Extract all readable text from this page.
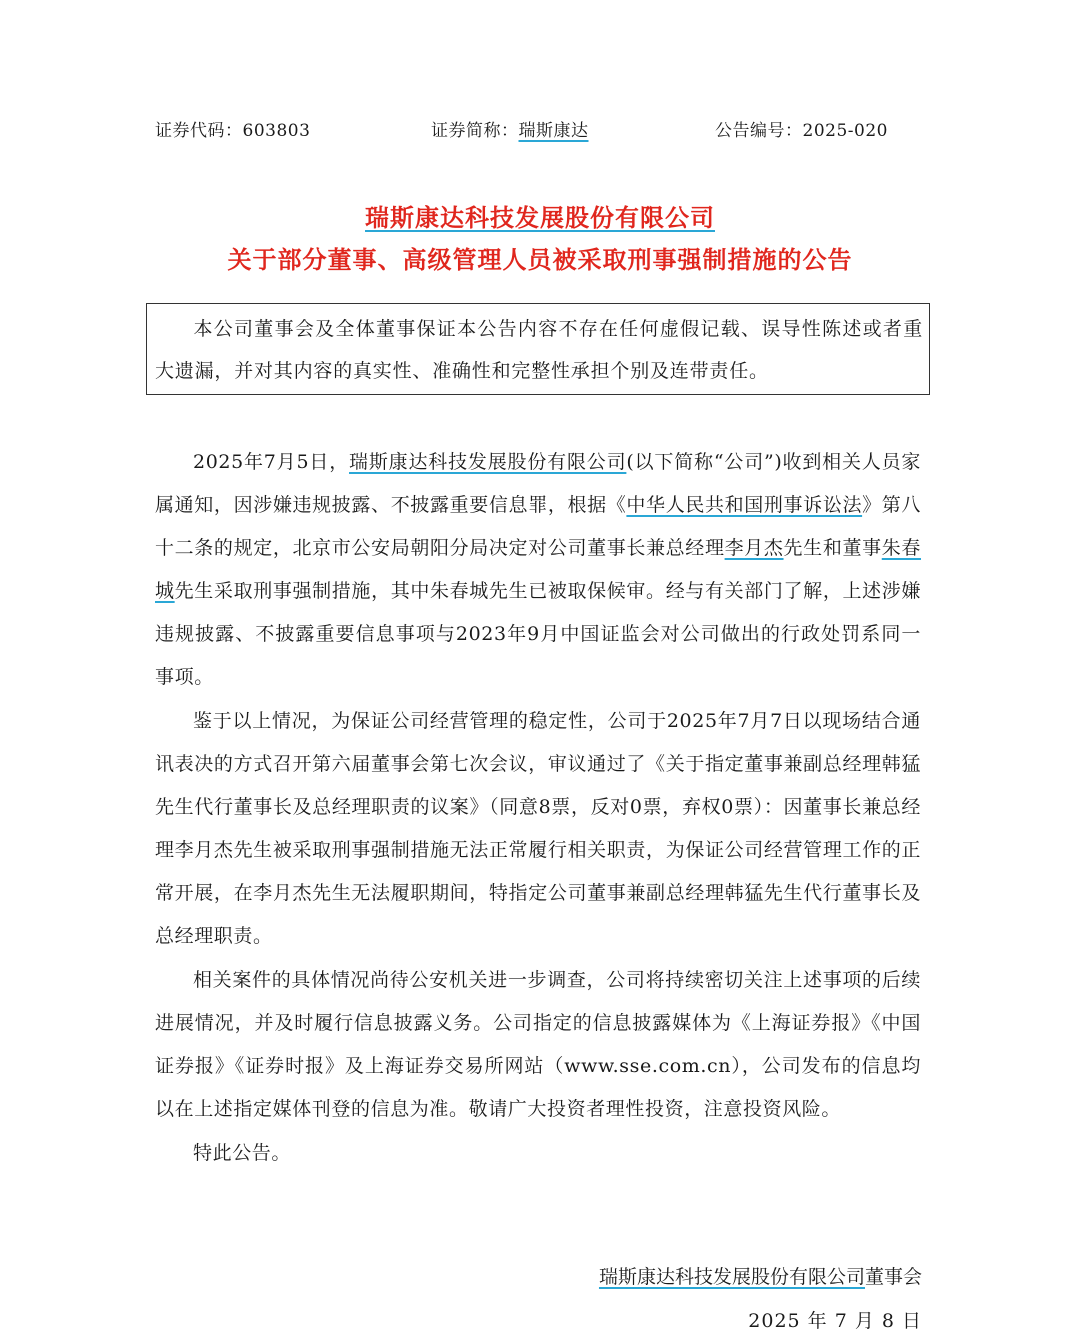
证券代码：603803	证券简称：瑞斯康达	公告编号：2025-020
瑞斯康达科技发展股份有限公司
关于部分董事、高级管理人员被采取刑事强制措施的公告
本公司董事会及全体董事保证本公告内容不存在任何虚假记载、误导性陈述或者重大遗漏，并对其内容的真实性、准确性和完整性承担个别及连带责任。

2025年7月5日，瑞斯康达科技发展股份有限公司(以下简称“公司”)收到相关人员家属通知，因涉嫌违规披露、不披露重要信息罪，根据《中华人民共和国刑事诉讼法》第八十二条的规定，北京市公安局朝阳分局决定对公司董事长兼总经理李月杰先生和董事朱春城先生采取刑事强制措施，其中朱春城先生已被取保候审。经与有关部门了解，上述涉嫌违规披露、不披露重要信息事项与2023年9月中国证监会对公司做出的行政处罚系同一事项。

鉴于以上情况，为保证公司经营管理的稳定性，公司于2025年7月7日以现场结合通讯表决的方式召开第六届董事会第七次会议，审议通过了《关于指定董事兼副总经理韩猛先生代行董事长及总经理职责的议案》（同意8票，反对0票，弃权0票）：因董事长兼总经理李月杰先生被采取刑事强制措施无法正常履行相关职责，为保证公司经营管理工作的正常开展，在李月杰先生无法履职期间，特指定公司董事兼副总经理韩猛先生代行董事长及总经理职责。

相关案件的具体情况尚待公安机关进一步调查，公司将持续密切关注上述事项的后续进展情况，并及时履行信息披露义务。公司指定的信息披露媒体为《上海证券报》《中国证券报》《证券时报》及上海证券交易所网站（www.sse.com.cn），公司发布的信息均以在上述指定媒体刊登的信息为准。敬请广大投资者理性投资，注意投资风险。

特此公告。

瑞斯康达科技发展股份有限公司董事会
2025 年 7 月 8 日
